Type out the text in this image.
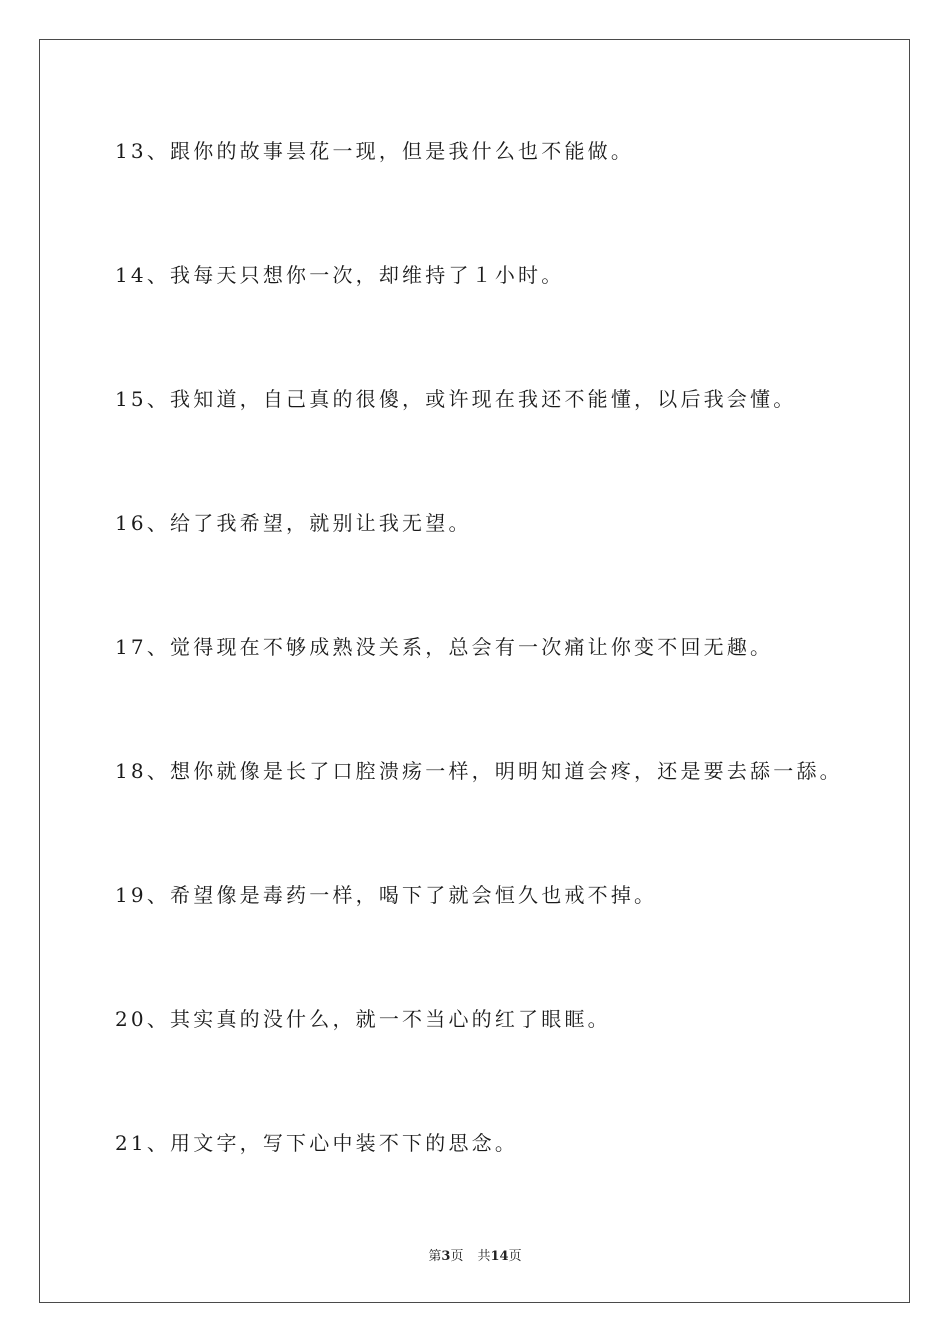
13、跟你的故事昙花一现，但是我什么也不能做。
14、我每天只想你一次，却维持了１小时。
15、我知道，自己真的很傻，或许现在我还不能懂，以后我会懂。
16、给了我希望，就别让我无望。
17、觉得现在不够成熟没关系，总会有一次痛让你变不回无趣。
18、想你就像是长了口腔溃疡一样，明明知道会疼，还是要去舔一舔。
19、希望像是毒药一样，喝下了就会恒久也戒不掉。
20、其实真的没什么，就一不当心的红了眼眶。
21、用文字，写下心中装不下的思念。
第3页 共14页
